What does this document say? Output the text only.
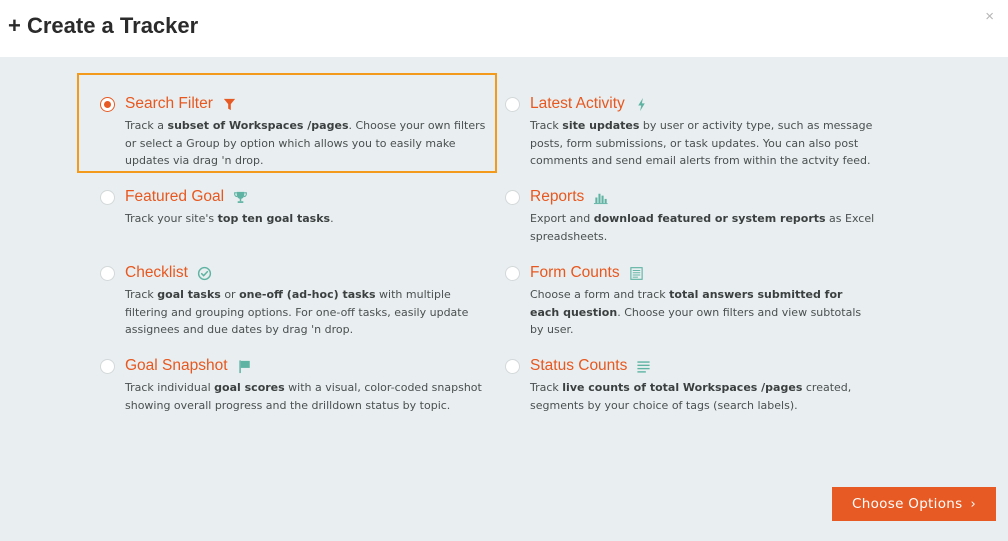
+ Create a Tracker	×
Search Filter
Track a subset of Workspaces /pages. Choose your own filters or select a Group by option which allows you to easily make updates via drag 'n drop.
Latest Activity
Track site updates by user or activity type, such as message posts, form submissions, or task updates. You can also post comments and send email alerts from within the actvity feed.
Featured Goal
Track your site's top ten goal tasks.
Reports
Export and download featured or system reports as Excel spreadsheets.
Checklist
Track goal tasks or one-off (ad-hoc) tasks with multiple filtering and grouping options. For one-off tasks, easily update assignees and due dates by drag 'n drop.
Form Counts
Choose a form and track total answers submitted for each question. Choose your own filters and view subtotals by user.
Goal Snapshot
Track individual goal scores with a visual, color-coded snapshot showing overall progress and the drilldown status by topic.
Status Counts
Track live counts of total Workspaces /pages created, segments by your choice of tags (search labels).
Choose Options ›
